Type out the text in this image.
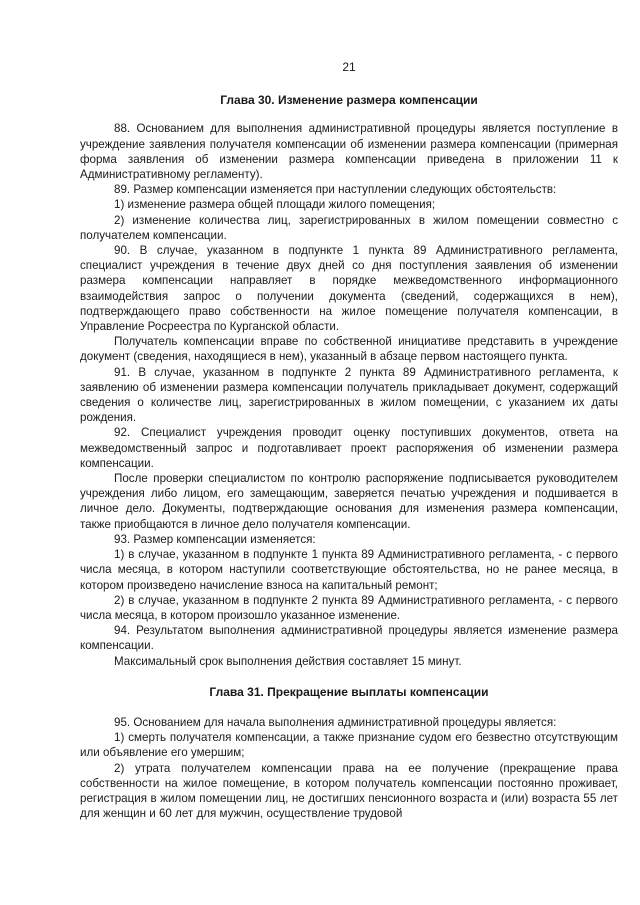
21
Глава 30. Изменение размера компенсации

88. Основанием для выполнения административной процедуры является поступление в учреждение заявления получателя компенсации об изменении размера компенсации (примерная форма заявления об изменении размера компенсации приведена в приложении 11 к Административному регламенту).

89. Размер компенсации изменяется при наступлении следующих обстоятельств:

1) изменение размера общей площади жилого помещения;

2) изменение количества лиц, зарегистрированных в жилом помещении совместно с получателем компенсации.

90. В случае, указанном в подпункте 1 пункта 89 Административного регламента, специалист учреждения в течение двух дней со дня поступления заявления об изменении размера компенсации направляет в порядке межведомственного информационного взаимодействия запрос о получении документа (сведений, содержащихся в нем), подтверждающего право собственности на жилое помещение получателя компенсации, в Управление Росреестра по Курганской области.

Получатель компенсации вправе по собственной инициативе представить в учреждение документ (сведения, находящиеся в нем), указанный в абзаце первом настоящего пункта.

91. В случае, указанном в подпункте 2 пункта 89 Административного регламента, к заявлению об изменении размера компенсации получатель прикладывает документ, содержащий сведения о количестве лиц, зарегистрированных в жилом помещении, с указанием их даты рождения.

92. Специалист учреждения проводит оценку поступивших документов, ответа на межведомственный запрос и подготавливает проект распоряжения об изменении размера компенсации.

После проверки специалистом по контролю распоряжение подписывается руководителем учреждения либо лицом, его замещающим, заверяется печатью учреждения и подшивается в личное дело. Документы, подтверждающие основания для изменения размера компенсации, также приобщаются в личное дело получателя компенсации.

93. Размер компенсации изменяется:

1) в случае, указанном в подпункте 1 пункта 89 Административного регламента, - с первого числа месяца, в котором наступили соответствующие обстоятельства, но не ранее месяца, в котором произведено начисление взноса на капитальный ремонт;

2) в случае, указанном в подпункте 2 пункта 89 Административного регламента, - с первого числа месяца, в котором произошло указанное изменение.

94. Результатом выполнения административной процедуры является изменение размера компенсации.

Максимальный срок выполнения действия составляет 15 минут.

Глава 31. Прекращение выплаты компенсации

95. Основанием для начала выполнения административной процедуры является:

1) смерть получателя компенсации, а также признание судом его безвестно отсутствующим или объявление его умершим;

2) утрата получателем компенсации права на ее получение (прекращение права собственности на жилое помещение, в котором получатель компенсации постоянно проживает, регистрация в жилом помещении лиц, не достигших пенсионного возраста и (или) возраста 55 лет для женщин и 60 лет для мужчин, осуществление трудовой
